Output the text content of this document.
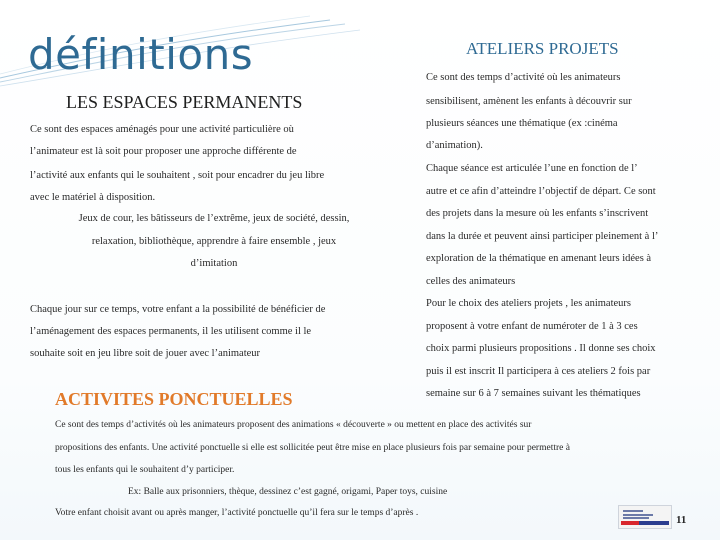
définitions
LES ESPACES PERMANENTS
Ce sont des espaces aménagés pour une activité particulière où
l’animateur est là soit pour proposer une approche différente de
l’activité aux enfants qui le souhaitent , soit pour encadrer du jeu libre
avec le matériel à disposition.
Jeux de cour, les bâtisseurs de l’extrême, jeux de société, dessin,
relaxation, bibliothèque, apprendre à faire ensemble , jeux
d’imitation
Chaque jour sur ce temps, votre enfant a la possibilité de bénéficier de
l’aménagement des espaces permanents, il les utilisent comme il le
souhaite soit en jeu libre soit de jouer avec l’animateur
ATELIERS PROJETS
Ce sont des temps d’activité où les animateurs
sensibilisent, amènent les enfants à découvrir sur
plusieurs séances une thématique (ex :cinéma
d’animation).
Chaque séance est articulée l’une en fonction de l’
autre et ce afin d’atteindre l’objectif de départ. Ce sont
des projets dans la mesure où les enfants s’inscrivent
dans la durée et peuvent ainsi participer pleinement à l’
exploration de la thématique en amenant leurs idées à
celles des animateurs
Pour le choix des ateliers projets , les animateurs
proposent à votre enfant de numéroter de 1 à 3 ces
choix parmi plusieurs propositions . Il donne ses choix
puis il est inscrit Il participera à ces ateliers 2 fois par
semaine sur 6 à 7 semaines suivant les thématiques
ACTIVITES PONCTUELLES
Ce sont des temps d’activités où les animateurs proposent des animations « découverte » ou mettent en place des activités sur
propositions des enfants. Une activité ponctuelle si elle est sollicitée peut être mise en place plusieurs fois par semaine pour permettre à
tous les enfants qui le souhaitent d’y participer.
Ex: Balle aux prisonniers, thèque, dessinez c’est gagné, origami, Paper toys, cuisine
Votre enfant choisit avant ou après manger, l’activité ponctuelle qu’il fera sur le temps d’après .
11
